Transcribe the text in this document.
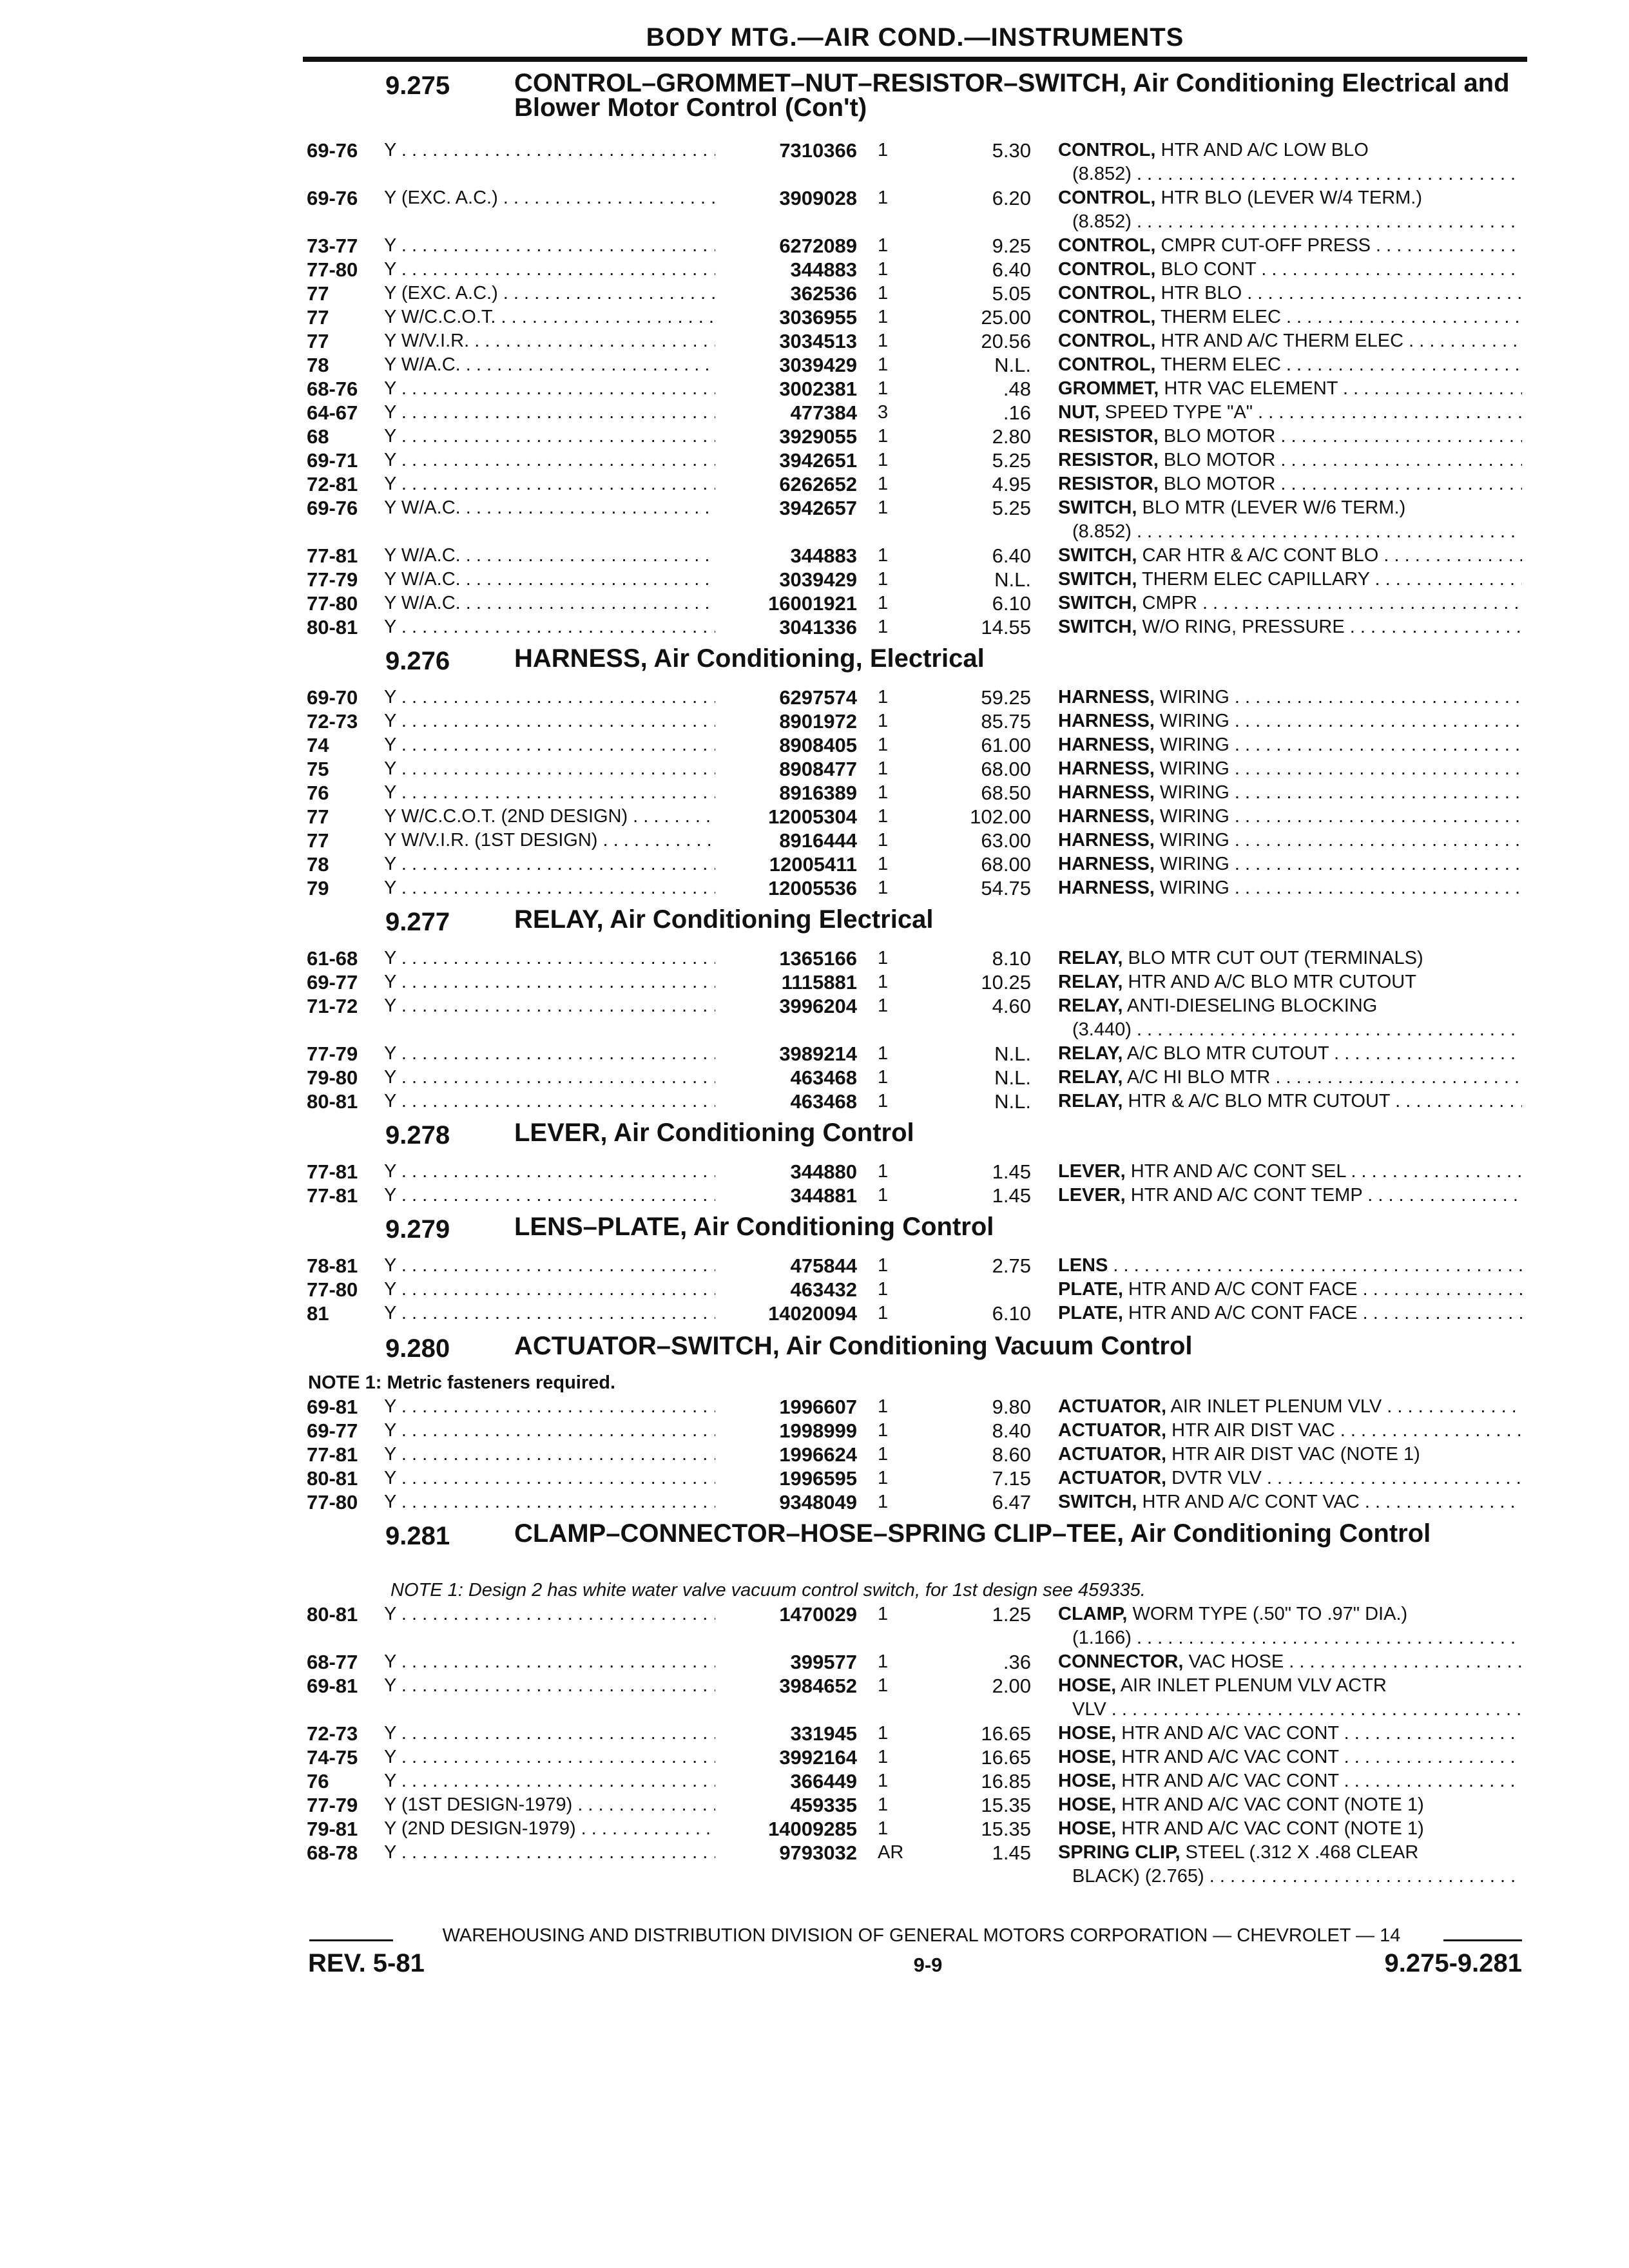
BODY MTG.—AIR COND.—INSTRUMENTS
9.275 CONTROL–GROMMET–NUT–RESISTOR–SWITCH, Air Conditioning Electrical and Blower Motor Control (Con't)
69-76 Y . . .	7310366 1	5.30 CONTROL, HTR AND A/C LOW BLO
(8.852) . . .
69-76 Y (EXC. A.C.) . . .	3909028 1	6.20 CONTROL, HTR BLO (LEVER W/4 TERM.)
(8.852) . . .
73-77 Y . . .	6272089 1	9.25 CONTROL, CMPR CUT-OFF PRESS . . .
77-80 Y . . .	344883 1	6.40 CONTROL, BLO CONT . . .
77	Y (EXC. A.C.) . . .	362536 1	5.05 CONTROL, HTR BLO . . .
77	Y W/C.C.O.T. . . .	3036955 1	25.00 CONTROL, THERM ELEC . . .
77	Y W/V.I.R. . . .	3034513 1	20.56 CONTROL, HTR AND A/C THERM ELEC . . .
78	Y W/A.C. . . .	3039429 1	N.L. CONTROL, THERM ELEC . . .
68-76 Y . . .	3002381 1	.48 GROMMET, HTR VAC ELEMENT . . .
64-67 Y . . .	477384 3	.16 NUT, SPEED TYPE "A" . . .
68	Y . . .	3929055 1	2.80 RESISTOR, BLO MOTOR . . .
69-71 Y . . .	3942651 1	5.25 RESISTOR, BLO MOTOR . . .
72-81 Y . . .	6262652 1	4.95 RESISTOR, BLO MOTOR . . .
69-76 Y W/A.C. . . .	3942657 1	5.25 SWITCH, BLO MTR (LEVER W/6 TERM.)
(8.852) . . .
77-81 Y W/A.C. . . .	344883 1	6.40 SWITCH, CAR HTR & A/C CONT BLO . . .
77-79 Y W/A.C. . . .	3039429 1	N.L. SWITCH, THERM ELEC CAPILLARY . . .
77-80 Y W/A.C. . . .	16001921 1	6.10 SWITCH, CMPR . . .
80-81 Y . . .	3041336 1	14.55 SWITCH, W/O RING, PRESSURE . . .
9.276 HARNESS, Air Conditioning, Electrical
69-70 Y . . .	6297574 1	59.25 HARNESS, WIRING . . .
72-73 Y . . .	8901972 1	85.75 HARNESS, WIRING . . .
74	Y . . .	8908405 1	61.00 HARNESS, WIRING . . .
75	Y . . .	8908477 1	68.00 HARNESS, WIRING . . .
76	Y . . .	8916389 1	68.50 HARNESS, WIRING . . .
77	Y W/C.C.O.T. (2ND DESIGN) . . .	12005304 1	102.00 HARNESS, WIRING . . .
77	Y W/V.I.R. (1ST DESIGN) . . .	8916444 1	63.00 HARNESS, WIRING . . .
78	Y . . .	12005411 1	68.00 HARNESS, WIRING . . .
79	Y . . .	12005536 1	54.75 HARNESS, WIRING . . .
9.277 RELAY, Air Conditioning Electrical
61-68 Y . . .	1365166 1	8.10 RELAY, BLO MTR CUT OUT (TERMINALS)
69-77 Y . . .	1115881 1	10.25 RELAY, HTR AND A/C BLO MTR CUTOUT
71-72 Y . . .	3996204 1	4.60 RELAY, ANTI-DIESELING BLOCKING
(3.440) . . .
77-79 Y . . .	3989214 1	N.L. RELAY, A/C BLO MTR CUTOUT . . .
79-80 Y . . .	463468 1	N.L. RELAY, A/C HI BLO MTR . . .
80-81 Y . . .	463468 1	N.L. RELAY, HTR & A/C BLO MTR CUTOUT . . .
9.278 LEVER, Air Conditioning Control
77-81 Y . . .	344880 1	1.45 LEVER, HTR AND A/C CONT SEL . . .
77-81 Y . . .	344881 1	1.45 LEVER, HTR AND A/C CONT TEMP . . .
9.279 LENS–PLATE, Air Conditioning Control
78-81 Y . . .	475844 1	2.75 LENS . . .
77-80 Y . . .	463432 1	PLATE, HTR AND A/C CONT FACE . . .
81	Y . . .	14020094 1	6.10 PLATE, HTR AND A/C CONT FACE . . .
9.280 ACTUATOR–SWITCH, Air Conditioning Vacuum Control
NOTE 1: Metric fasteners required.
69-81 Y . . .	1996607 1	9.80 ACTUATOR, AIR INLET PLENUM VLV . . .
69-77 Y . . .	1998999 1	8.40 ACTUATOR, HTR AIR DIST VAC . . .
77-81 Y . . .	1996624 1	8.60 ACTUATOR, HTR AIR DIST VAC (NOTE 1)
80-81 Y . . .	1996595 1	7.15 ACTUATOR, DVTR VLV . . .
77-80 Y . . .	9348049 1	6.47 SWITCH, HTR AND A/C CONT VAC . . .
9.281 CLAMP–CONNECTOR–HOSE–SPRING CLIP–TEE, Air Conditioning Control
NOTE 1: Design 2 has white water valve vacuum control switch, for 1st design see 459335.
80-81 Y . . .	1470029 1	1.25 CLAMP, WORM TYPE (.50" TO .97" DIA.)
(1.166) . . .
68-77 Y . . .	399577 1	.36 CONNECTOR, VAC HOSE . . .
69-81 Y . . .	3984652 1	2.00 HOSE, AIR INLET PLENUM VLV ACTR
VLV . . .
72-73 Y . . .	331945 1	16.65 HOSE, HTR AND A/C VAC CONT . . .
74-75 Y . . .	3992164 1	16.65 HOSE, HTR AND A/C VAC CONT . . .
76	Y . . .	366449 1	16.85 HOSE, HTR AND A/C VAC CONT . . .
77-79 Y (1ST DESIGN-1979) . . .	459335 1	15.35 HOSE, HTR AND A/C VAC CONT (NOTE 1)
79-81 Y (2ND DESIGN-1979) . . .	14009285 1	15.35 HOSE, HTR AND A/C VAC CONT (NOTE 1)
68-78 Y . . .	9793032 AR	1.45 SPRING CLIP, STEEL (.312 X .468 CLEAR
BLACK) (2.765) . . .
WAREHOUSING AND DISTRIBUTION DIVISION OF GENERAL MOTORS CORPORATION — CHEVROLET — 14
REV. 5-81	9-9	9.275-9.281
